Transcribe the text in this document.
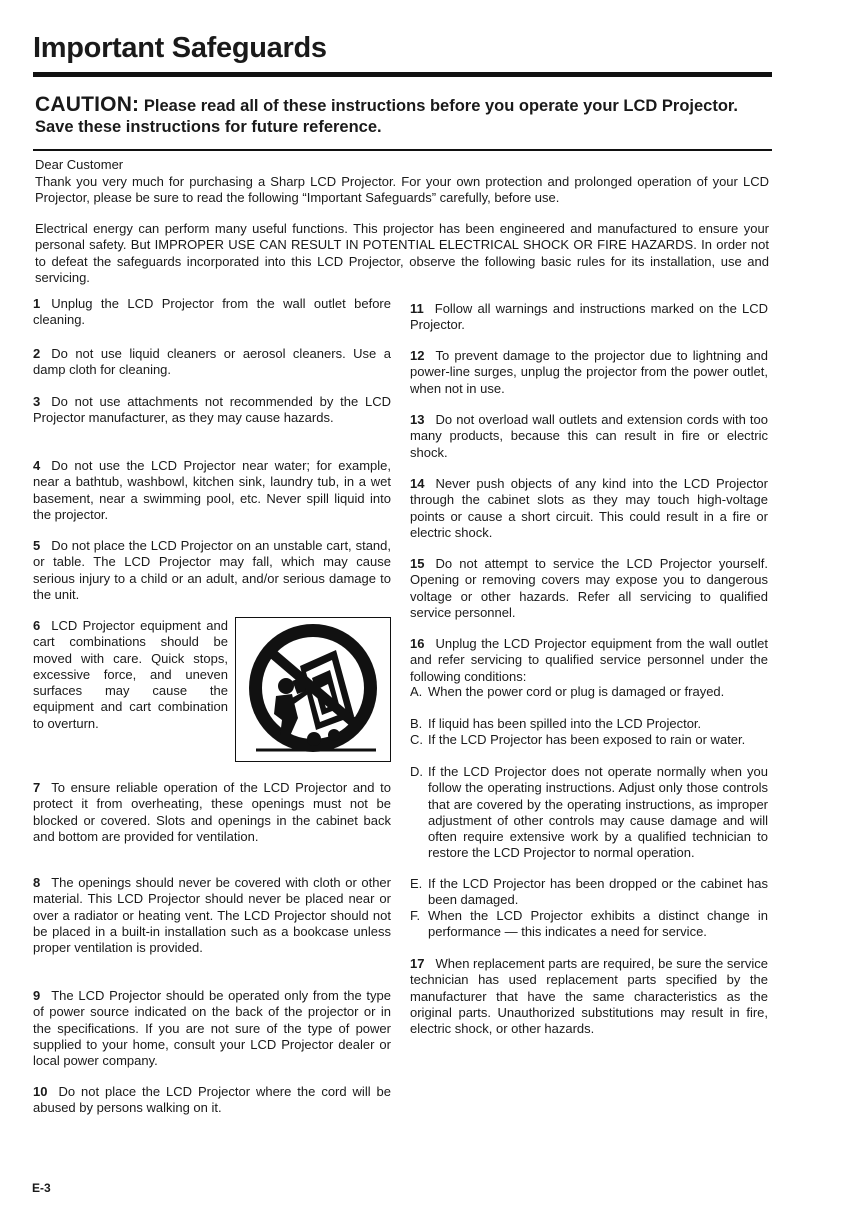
Important Safeguards

CAUTION: Please read all of these instructions before you operate your LCD Projector. Save these instructions for future reference.

Dear Customer

Thank you very much for purchasing a Sharp LCD Projector. For your own protection and prolonged operation of your LCD Projector, please be sure to read the following “Important Safeguards” carefully, before use.

Electrical energy can perform many useful functions. This projector has been engineered and manufactured to ensure your personal safety. But IMPROPER USE CAN RESULT IN POTENTIAL ELECTRICAL SHOCK OR FIRE HAZARDS. In order not to defeat the safeguards incorporated into this LCD Projector, observe the following basic rules for its installation, use and servicing.

1 Unplug the LCD Projector from the wall outlet before cleaning.

2 Do not use liquid cleaners or aerosol cleaners. Use a damp cloth for cleaning.

3 Do not use attachments not recommended by the LCD Projector manufacturer, as they may cause hazards.

4 Do not use the LCD Projector near water; for example, near a bathtub, washbowl, kitchen sink, laundry tub, in a wet basement, near a swimming pool, etc. Never spill liquid into the projector.

5 Do not place the LCD Projector on an unstable cart, stand, or table. The LCD Projector may fall, which may cause serious injury to a child or an adult, and/or serious damage to the unit.

6 LCD Projector equipment and cart combinations should be moved with care. Quick stops, excessive force, and uneven surfaces may cause the equipment and cart combination to overturn.

7 To ensure reliable operation of the LCD Projector and to protect it from overheating, these openings must not be blocked or covered. Slots and openings in the cabinet back and bottom are provided for ventilation.

8 The openings should never be covered with cloth or other material. This LCD Projector should never be placed near or over a radiator or heating vent. The LCD Projector should not be placed in a built-in installation such as a bookcase unless proper ventilation is provided.

9 The LCD Projector should be operated only from the type of power source indicated on the back of the projector or in the specifications. If you are not sure of the type of power supplied to your home, consult your LCD Projector dealer or local power company.

10 Do not place the LCD Projector where the cord will be abused by persons walking on it.

11 Follow all warnings and instructions marked on the LCD Projector.

12 To prevent damage to the projector due to lightning and power-line surges, unplug the projector from the power outlet, when not in use.

13 Do not overload wall outlets and extension cords with too many products, because this can result in fire or electric shock.

14 Never push objects of any kind into the LCD Projector through the cabinet slots as they may touch high-voltage points or cause a short circuit. This could result in a fire or electric shock.

15 Do not attempt to service the LCD Projector yourself. Opening or removing covers may expose you to dangerous voltage or other hazards. Refer all servicing to qualified service personnel.

16 Unplug the LCD Projector equipment from the wall outlet and refer servicing to qualified service personnel under the following conditions:

A. When the power cord or plug is damaged or frayed.
B. If liquid has been spilled into the LCD Projector.
C. If the LCD Projector has been exposed to rain or water.
D. If the LCD Projector does not operate normally when you follow the operating instructions. Adjust only those controls that are covered by the operating instructions, as improper adjustment of other controls may cause damage and will often require extensive work by a qualified technician to restore the LCD Projector to normal operation.
E. If the LCD Projector has been dropped or the cabinet has been damaged.
F. When the LCD Projector exhibits a distinct change in performance — this indicates a need for service.

17 When replacement parts are required, be sure the service technician has used replacement parts specified by the manufacturer that have the same characteristics as the original parts. Unauthorized substitutions may result in fire, electric shock, or other hazards.

E-3
